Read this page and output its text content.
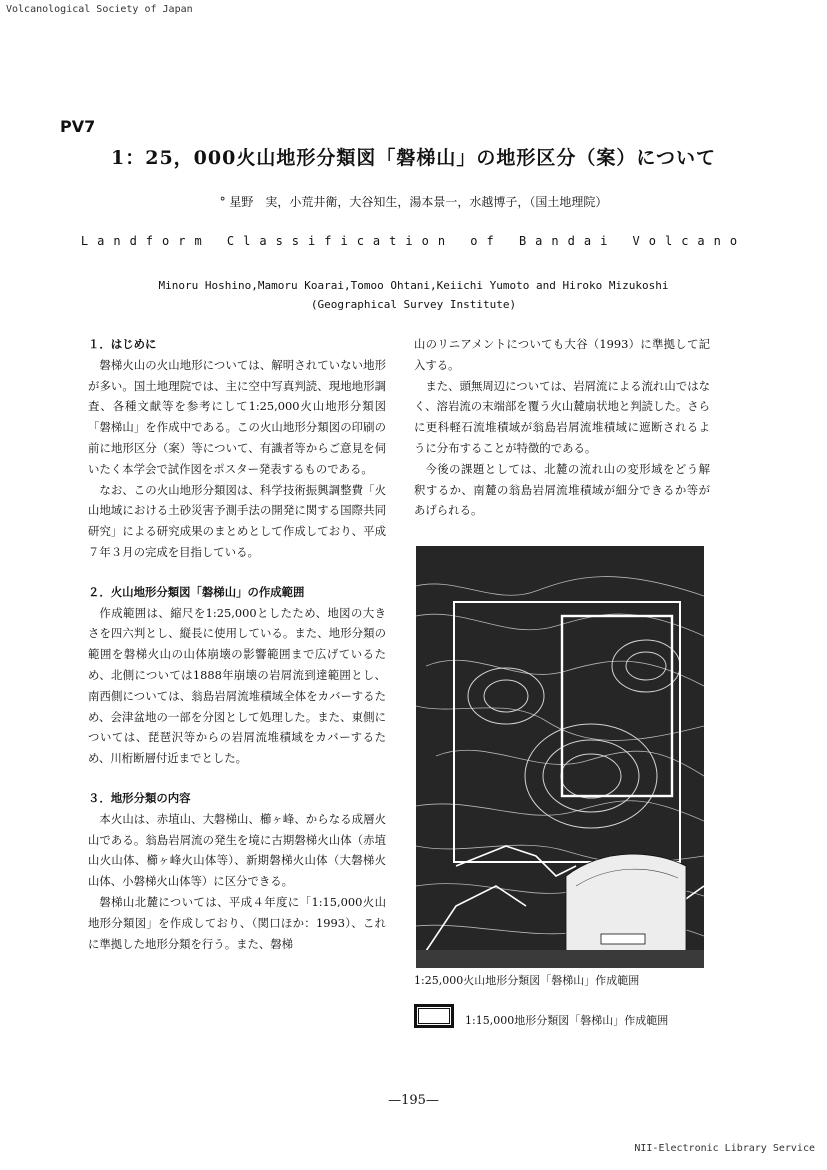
Volcanological Society of Japan
PV7
1：25，000火山地形分類図「磐梯山」の地形区分（案）について
° 星野　実，小荒井衛，大谷知生，湯本景一，水越博子，（国土地理院）
Landform Classification of Bandai Volcano
Minoru Hoshino,Mamoru Koarai,Tomoo Ohtani,Keiichi Yumoto and Hiroko Mizukoshi
(Geographical Survey Institute)

１．はじめに

磐梯火山の火山地形については、解明されていない地形が多い。国土地理院では、主に空中写真判読、現地地形調査、各種文献等を参考にして1:25,000火山地形分類図「磐梯山」を作成中である。この火山地形分類図の印刷の前に地形区分（案）等について、有識者等からご意見を伺いたく本学会で試作図をポスター発表するものである。

なお、この火山地形分類図は、科学技術振興調整費「火山地域における土砂災害予測手法の開発に関する国際共同研究」による研究成果のまとめとして作成しており、平成７年３月の完成を目指している。

２．火山地形分類図「磐梯山」の作成範囲

作成範囲は、縮尺を1:25,000としたため、地図の大きさを四六判とし、縦長に使用している。また、地形分類の範囲を磐梯火山の山体崩壊の影響範囲まで広げているため、北側については1888年崩壊の岩屑流到達範囲とし、南西側については、翁島岩屑流堆積域全体をカバーするため、会津盆地の一部を分図として処理した。また、東側については、琵琶沢等からの岩屑流堆積域をカバーするため、川桁断層付近までとした。

３．地形分類の内容

本火山は、赤埴山、大磐梯山、櫛ヶ峰、からなる成層火山である。翁島岩屑流の発生を境に古期磐梯火山体（赤埴山火山体、櫛ヶ峰火山体等）、新期磐梯火山体（大磐梯火山体、小磐梯火山体等）に区分できる。

磐梯山北麓については、平成４年度に「1:15,000火山地形分類図」を作成しており、（関口ほか：1993）、これに準拠した地形分類を行う。また、磐梯

山のリニアメントについても大谷（1993）に準拠して記入する。

また、頭無周辺については、岩屑流による流れ山ではなく、溶岩流の末端部を覆う火山麓扇状地と判読した。さらに更科軽石流堆積域が翁島岩屑流堆積域に遮断されるように分布することが特徴的である。

今後の課題としては、北麓の流れ山の変形域をどう解釈するか、南麓の翁島岩屑流堆積域が細分できるか等があげられる。

1:25,000火山地形分類図「磐梯山」作成範囲
1:15,000地形分類図「磐梯山」作成範囲
—195—
NII-Electronic Library Service
